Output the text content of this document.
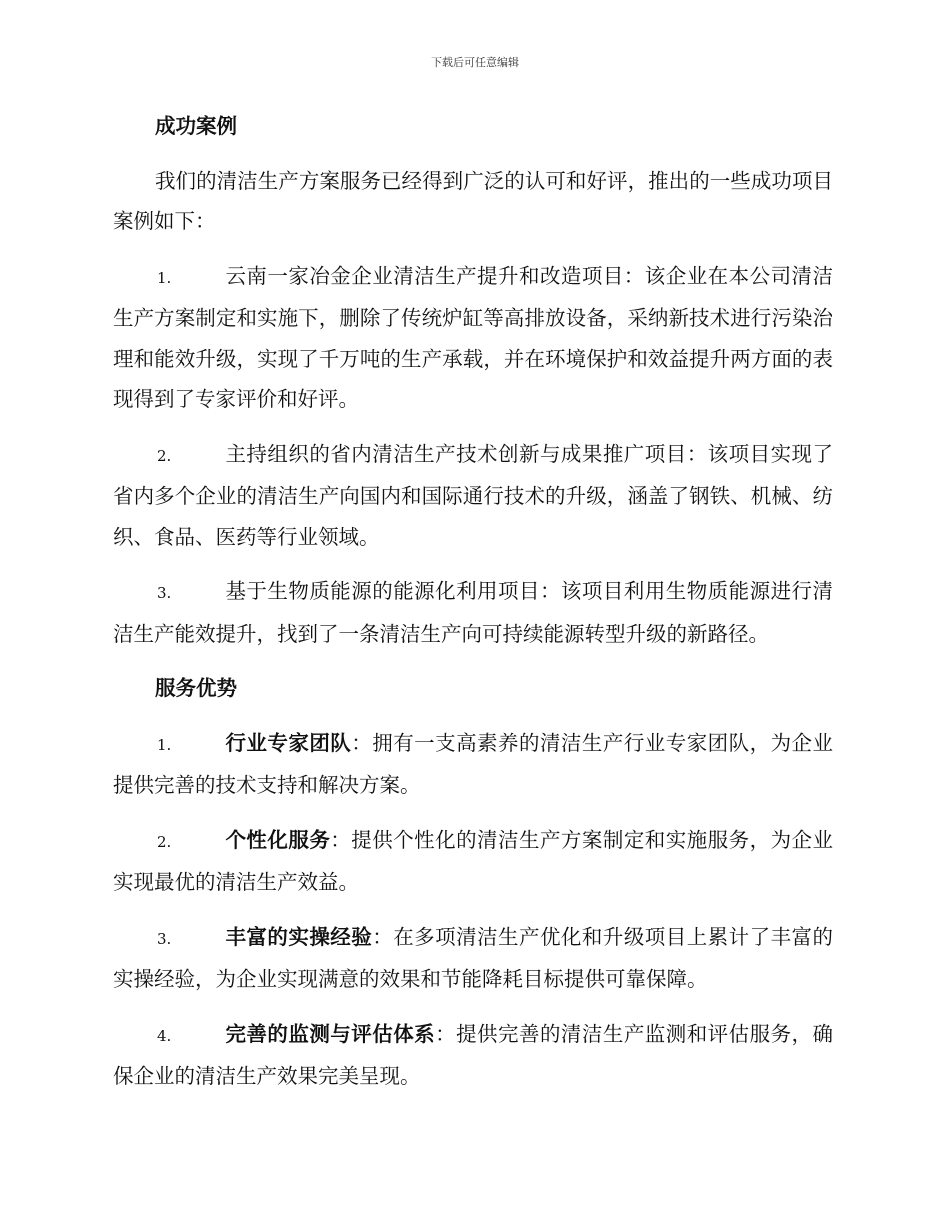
下载后可任意编辑

成功案例

我们的清洁生产方案服务已经得到广泛的认可和好评，推出的一些成功项目案例如下：

1.	云南一家冶金企业清洁生产提升和改造项目：该企业在本公司清洁生产方案制定和实施下，删除了传统炉缸等高排放设备，采纳新技术进行污染治理和能效升级，实现了千万吨的生产承载，并在环境保护和效益提升两方面的表现得到了专家评价和好评。

2.	主持组织的省内清洁生产技术创新与成果推广项目：该项目实现了省内多个企业的清洁生产向国内和国际通行技术的升级，涵盖了钢铁、机械、纺织、食品、医药等行业领域。

3.	基于生物质能源的能源化利用项目：该项目利用生物质能源进行清洁生产能效提升，找到了一条清洁生产向可持续能源转型升级的新路径。

服务优势

1.	行业专家团队：拥有一支高素养的清洁生产行业专家团队，为企业提供完善的技术支持和解决方案。

2.	个性化服务：提供个性化的清洁生产方案制定和实施服务，为企业实现最优的清洁生产效益。

3.	丰富的实操经验：在多项清洁生产优化和升级项目上累计了丰富的实操经验，为企业实现满意的效果和节能降耗目标提供可靠保障。

4.	完善的监测与评估体系：提供完善的清洁生产监测和评估服务，确保企业的清洁生产效果完美呈现。
